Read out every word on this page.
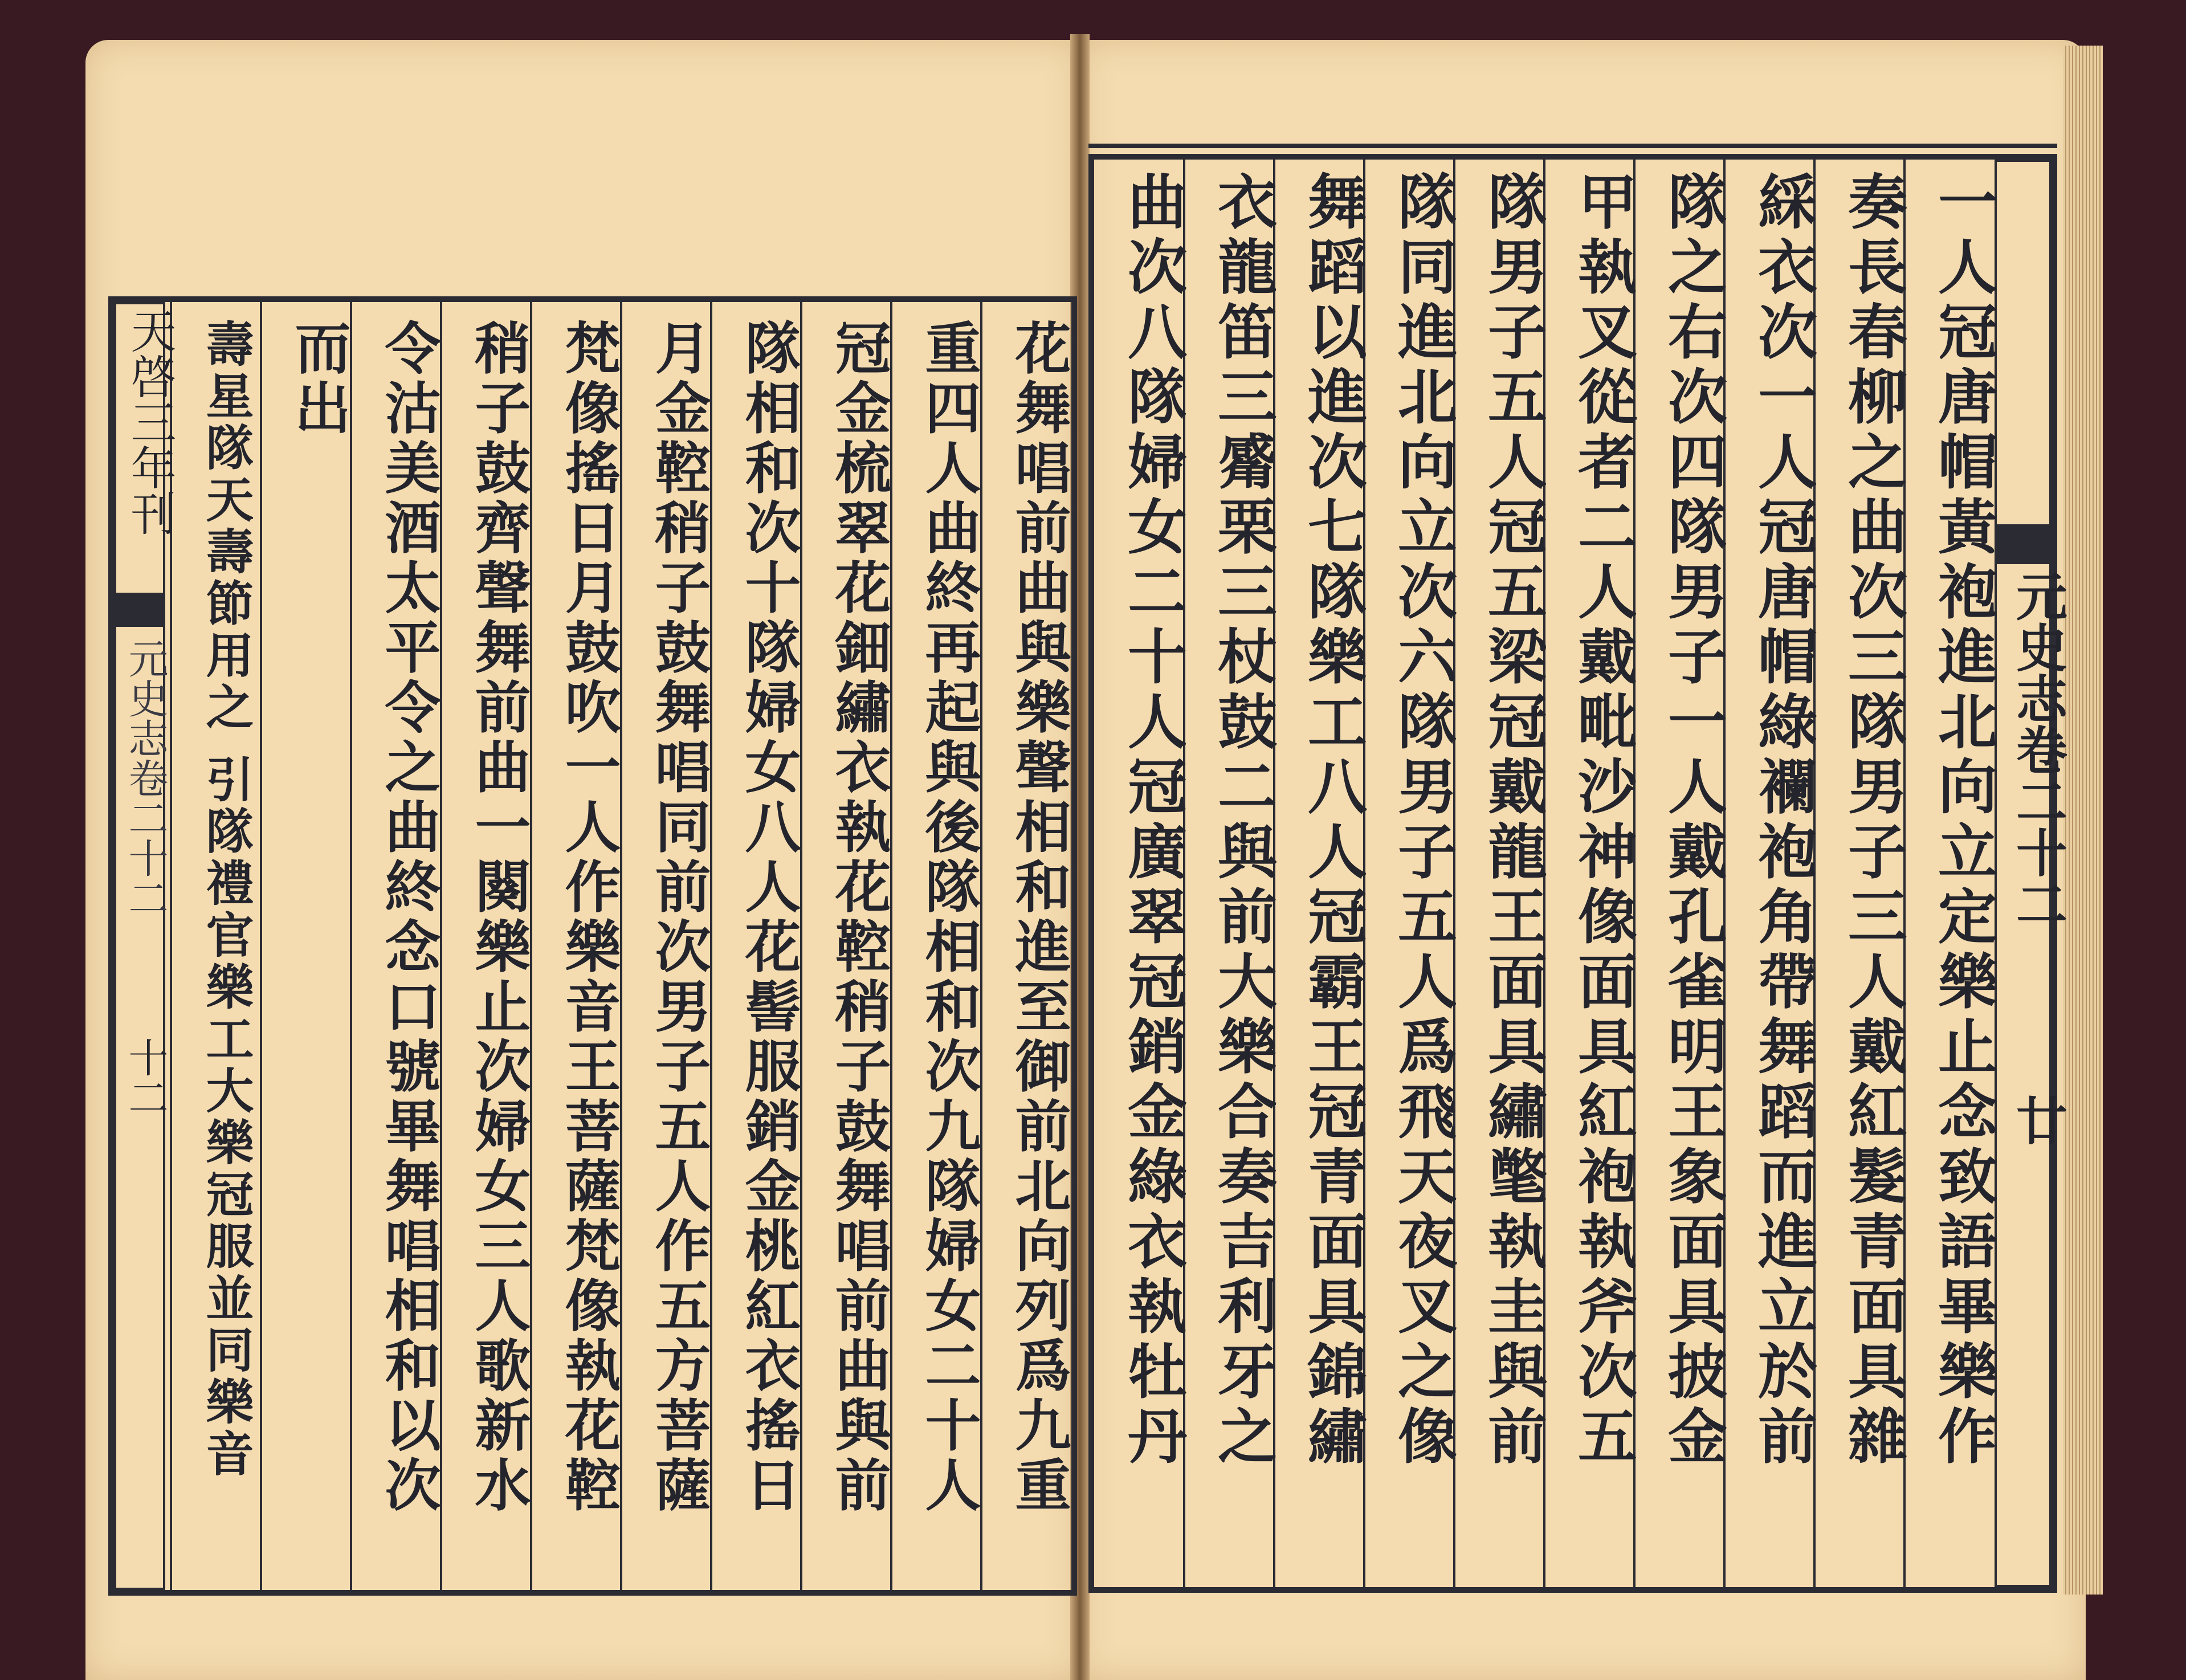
花舞唱前曲與樂聲相和進至御前北向列爲九重
重四人曲終再起與後隊相和次九隊婦女二十人
冠金梳翠花鈿繡衣執花鞚稍子鼓舞唱前曲與前
隊相和次十隊婦女八人花髻服銷金桃紅衣搖日
月金鞚稍子鼓舞唱同前次男子五人作五方菩薩
梵像搖日月鼓吹一人作樂音王菩薩梵像執花鞚
稍子鼓齊聲舞前曲一闋樂止次婦女三人歌新水
令沽美酒太平令之曲終念口號畢舞唱相和以次
而出
壽星隊天壽節用之 引隊禮官樂工大樂冠服並同樂音	一人冠唐帽黃袍進北向立定樂止念致語畢樂作
奏長春柳之曲次三隊男子三人戴紅髮青面具雜
綵衣次一人冠唐帽綠襴袍角帶舞蹈而進立於前
隊之右次四隊男子一人戴孔雀明王象面具披金
甲執叉從者二人戴毗沙神像面具紅袍執斧次五
隊男子五人冠五梁冠戴龍王面具繡氅執圭與前
隊同進北向立次六隊男子五人爲飛天夜叉之像
舞蹈以進次七隊樂工八人冠霸王冠青面具錦繡
衣龍笛三觱栗三杖鼓二與前大樂合奏吉利牙之
曲次八隊婦女二十人冠廣翠冠銷金綠衣執牡丹
天啓三年刊
元史志卷二十二
十二
元史志卷二十二
廿
